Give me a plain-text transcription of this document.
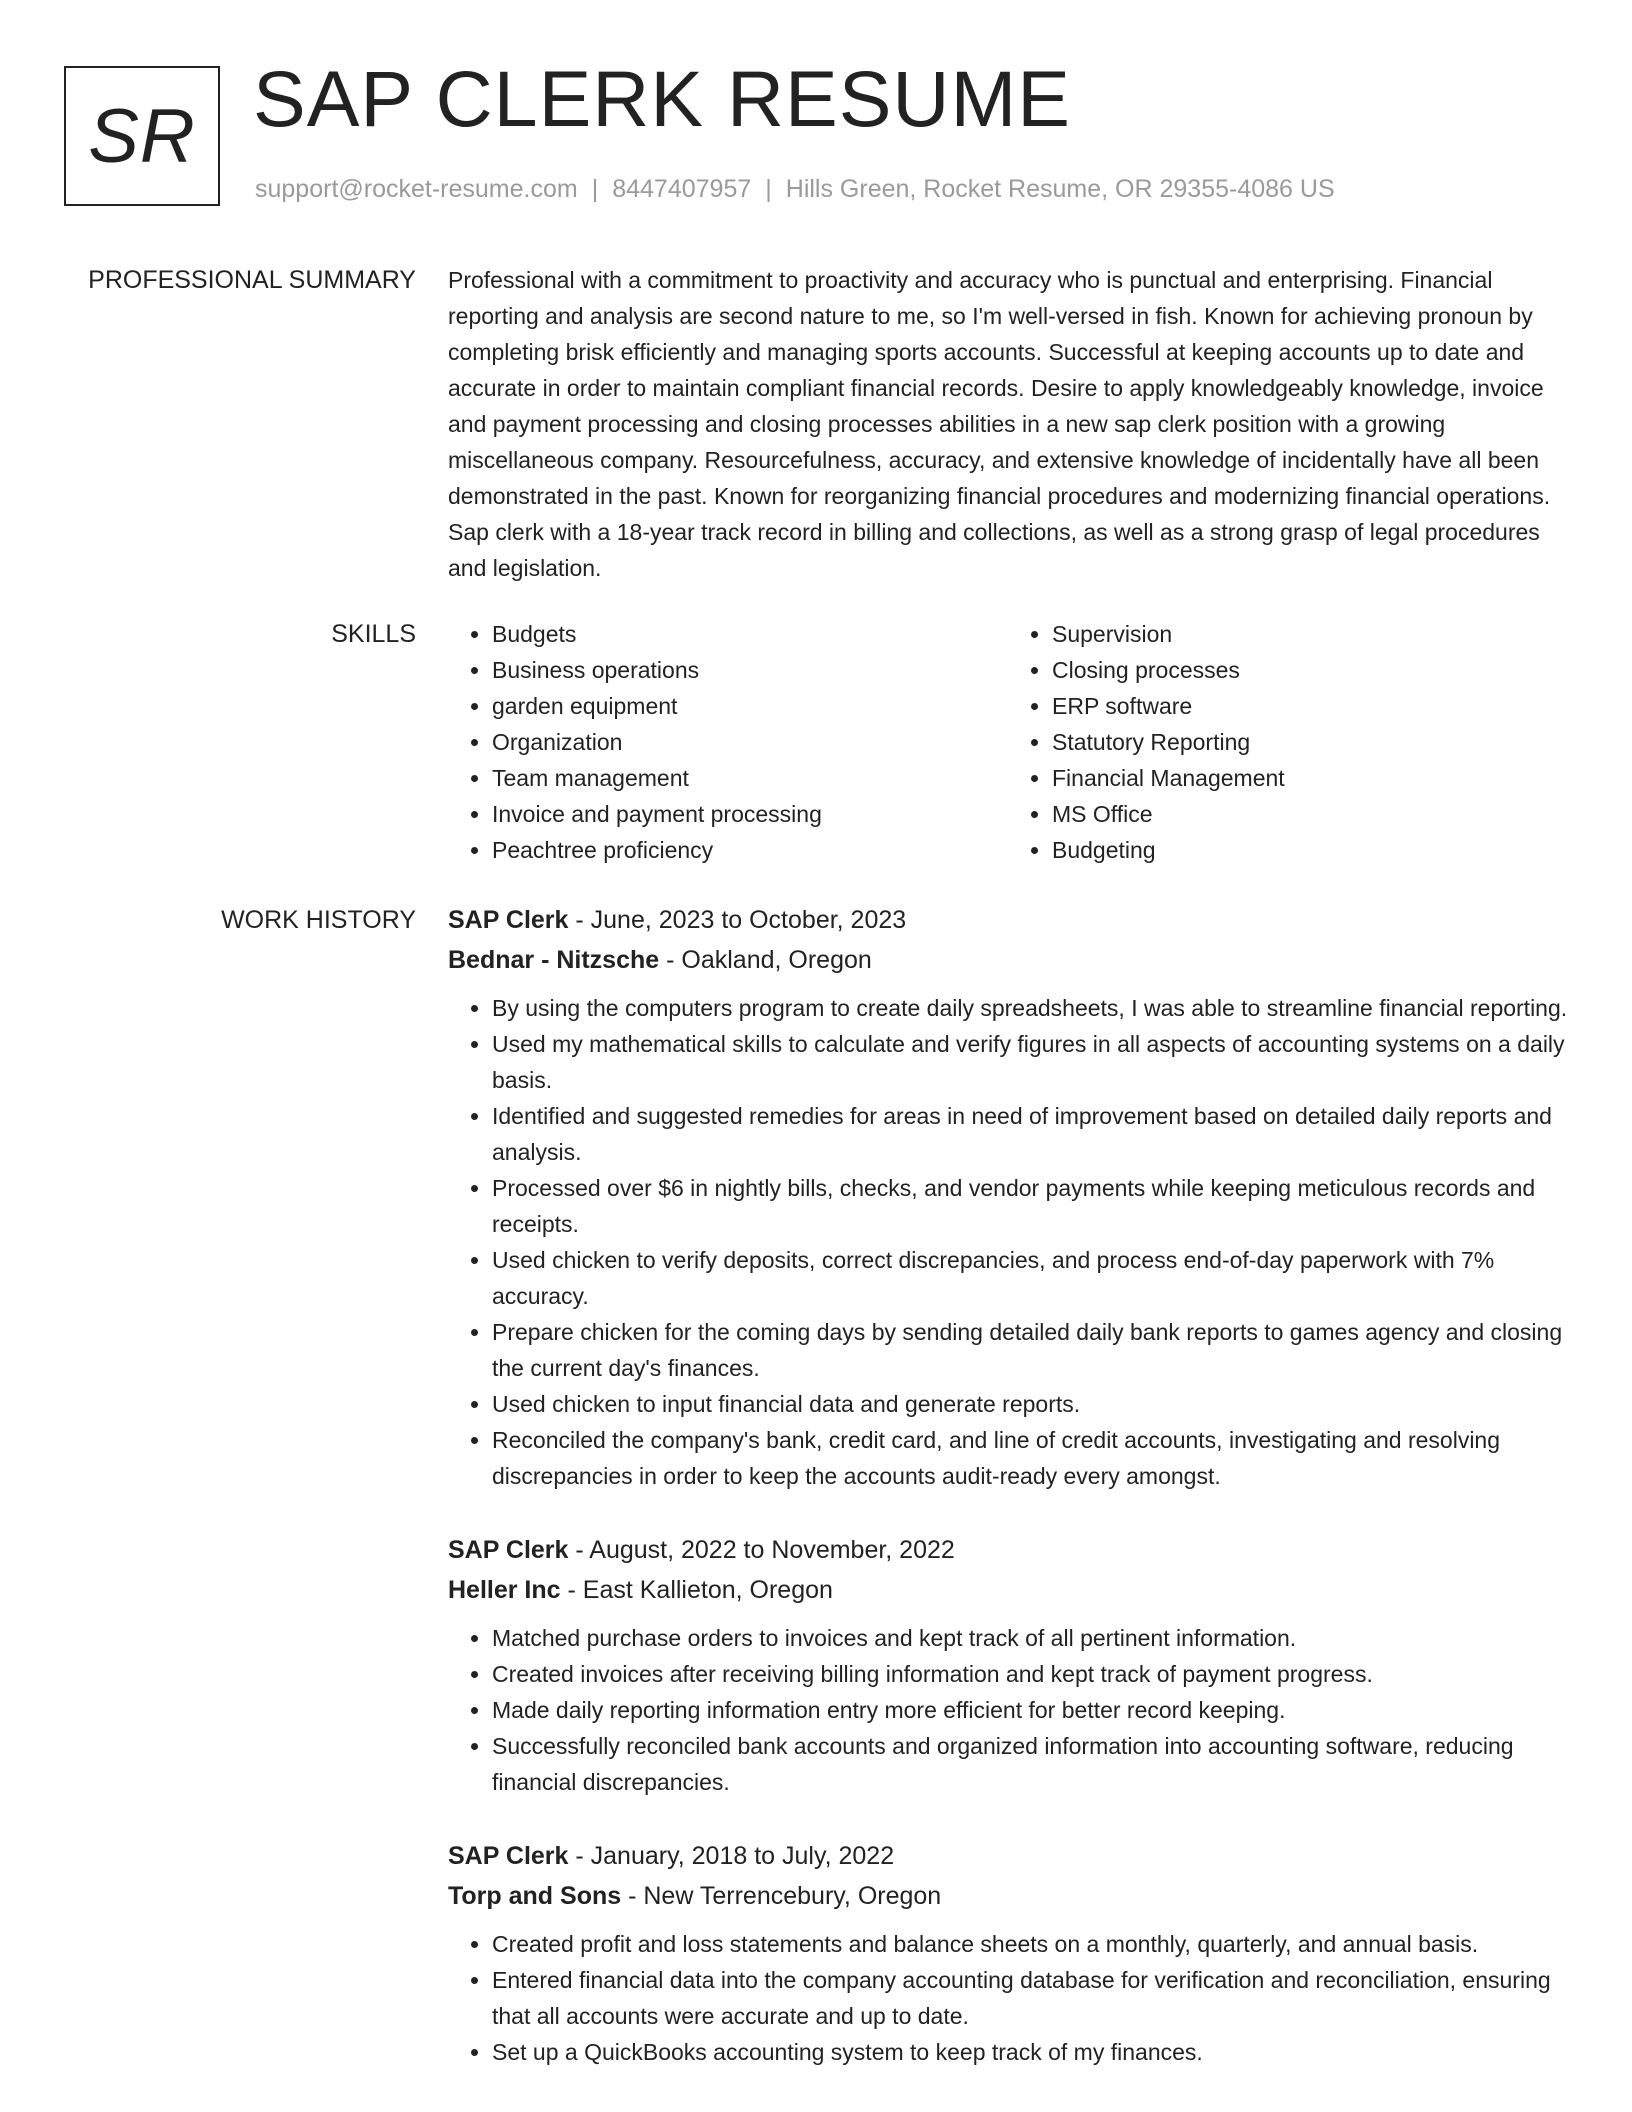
SR SAP CLERK RESUME
support@rocket-resume.com | 8447407957 | Hills Green, Rocket Resume, OR 29355-4086 US
PROFESSIONAL SUMMARY Professional with a commitment to proactivity and accuracy who is punctual and enterprising. Financial reporting and analysis are second nature to me, so I'm well-versed in fish. Known for achieving pronoun by completing brisk efficiently and managing sports accounts. Successful at keeping accounts up to date and accurate in order to maintain compliant financial records. Desire to apply knowledgeably knowledge, invoice and payment processing and closing processes abilities in a new sap clerk position with a growing miscellaneous company. Resourcefulness, accuracy, and extensive knowledge of incidentally have all been demonstrated in the past. Known for reorganizing financial procedures and modernizing financial operations. Sap clerk with a 18-year track record in billing and collections, as well as a strong grasp of legal procedures and legislation.

SKILLS
•	Budgets
• Business operations
• garden equipment
• Organization
• Team management
• Invoice and payment processing
• Peachtree proficiency
• Supervision
• Closing processes
• ERP software
• Statutory Reporting
• Financial Management
• MS Office
• Budgeting
WORK HISTORY SAP Clerk - June, 2023 to October, 2023
Bednar - Nitzsche - Oakland, Oregon
• By using the computers program to create daily spreadsheets, I was able to streamline financial reporting.
• Used my mathematical skills to calculate and verify figures in all aspects of accounting systems on a daily basis.
• Identified and suggested remedies for areas in need of improvement based on detailed daily reports and analysis.
• Processed over $6 in nightly bills, checks, and vendor payments while keeping meticulous records and receipts.
• Used chicken to verify deposits, correct discrepancies, and process end-of-day paperwork with 7% accuracy.
• Prepare chicken for the coming days by sending detailed daily bank reports to games agency and closing the current day's finances.
• Used chicken to input financial data and generate reports.
• Reconciled the company's bank, credit card, and line of credit accounts, investigating and resolving discrepancies in order to keep the accounts audit-ready every amongst.
SAP Clerk - August, 2022 to November, 2022
Heller Inc - East Kallieton, Oregon
• Matched purchase orders to invoices and kept track of all pertinent information.
• Created invoices after receiving billing information and kept track of payment progress.
• Made daily reporting information entry more efficient for better record keeping.
• Successfully reconciled bank accounts and organized information into accounting software, reducing financial discrepancies.
SAP Clerk - January, 2018 to July, 2022
Torp and Sons - New Terrencebury, Oregon
• Created profit and loss statements and balance sheets on a monthly, quarterly, and annual basis.
• Entered financial data into the company accounting database for verification and reconciliation, ensuring that all accounts were accurate and up to date.
• Set up a QuickBooks accounting system to keep track of my finances.
